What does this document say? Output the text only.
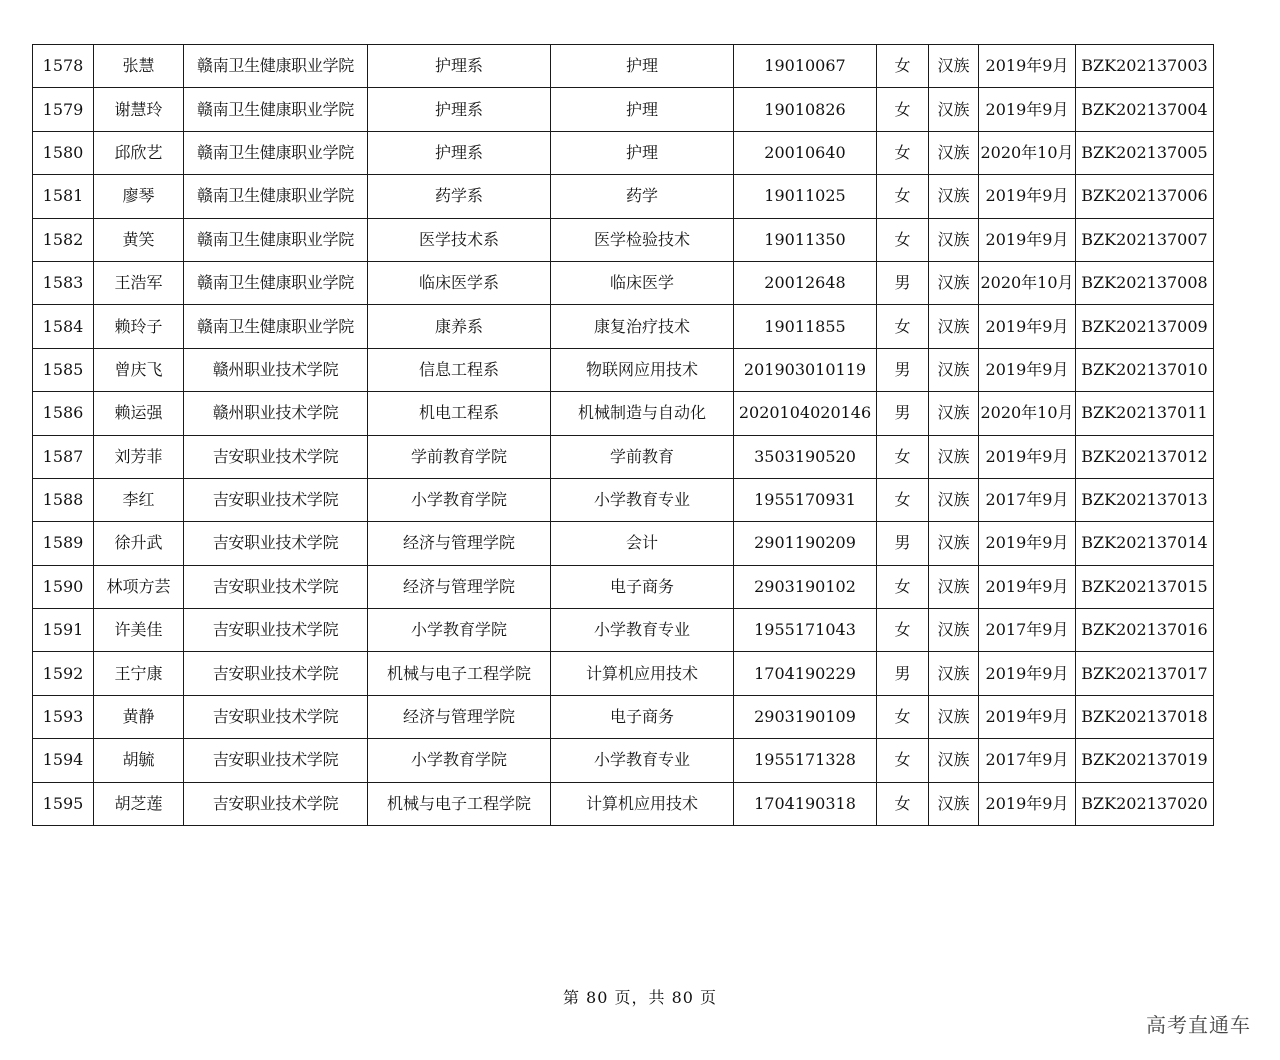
1578	张慧	赣南卫生健康职业学院	护理系	护理	19010067	女	汉族	2019年9月	BZK202137003
1579	谢慧玲	赣南卫生健康职业学院	护理系	护理	19010826	女	汉族	2019年9月	BZK202137004
1580	邱欣艺	赣南卫生健康职业学院	护理系	护理	20010640	女	汉族	2020年10月	BZK202137005
1581	廖琴	赣南卫生健康职业学院	药学系	药学	19011025	女	汉族	2019年9月	BZK202137006
1582	黄笑	赣南卫生健康职业学院	医学技术系	医学检验技术	19011350	女	汉族	2019年9月	BZK202137007
1583	王浩军	赣南卫生健康职业学院	临床医学系	临床医学	20012648	男	汉族	2020年10月	BZK202137008
1584	赖玲子	赣南卫生健康职业学院	康养系	康复治疗技术	19011855	女	汉族	2019年9月	BZK202137009
1585	曾庆飞	赣州职业技术学院	信息工程系	物联网应用技术	201903010119	男	汉族	2019年9月	BZK202137010
1586	赖运强	赣州职业技术学院	机电工程系	机械制造与自动化	2020104020146	男	汉族	2020年10月	BZK202137011
1587	刘芳菲	吉安职业技术学院	学前教育学院	学前教育	3503190520	女	汉族	2019年9月	BZK202137012
1588	李红	吉安职业技术学院	小学教育学院	小学教育专业	1955170931	女	汉族	2017年9月	BZK202137013
1589	徐升武	吉安职业技术学院	经济与管理学院	会计	2901190209	男	汉族	2019年9月	BZK202137014
1590	林项方芸	吉安职业技术学院	经济与管理学院	电子商务	2903190102	女	汉族	2019年9月	BZK202137015
1591	许美佳	吉安职业技术学院	小学教育学院	小学教育专业	1955171043	女	汉族	2017年9月	BZK202137016
1592	王宁康	吉安职业技术学院	机械与电子工程学院	计算机应用技术	1704190229	男	汉族	2019年9月	BZK202137017
1593	黄静	吉安职业技术学院	经济与管理学院	电子商务	2903190109	女	汉族	2019年9月	BZK202137018
1594	胡毓	吉安职业技术学院	小学教育学院	小学教育专业	1955171328	女	汉族	2017年9月	BZK202137019
1595	胡芝莲	吉安职业技术学院	机械与电子工程学院	计算机应用技术	1704190318	女	汉族	2019年9月	BZK202137020
第 80 页，共 80 页
高考直通车
